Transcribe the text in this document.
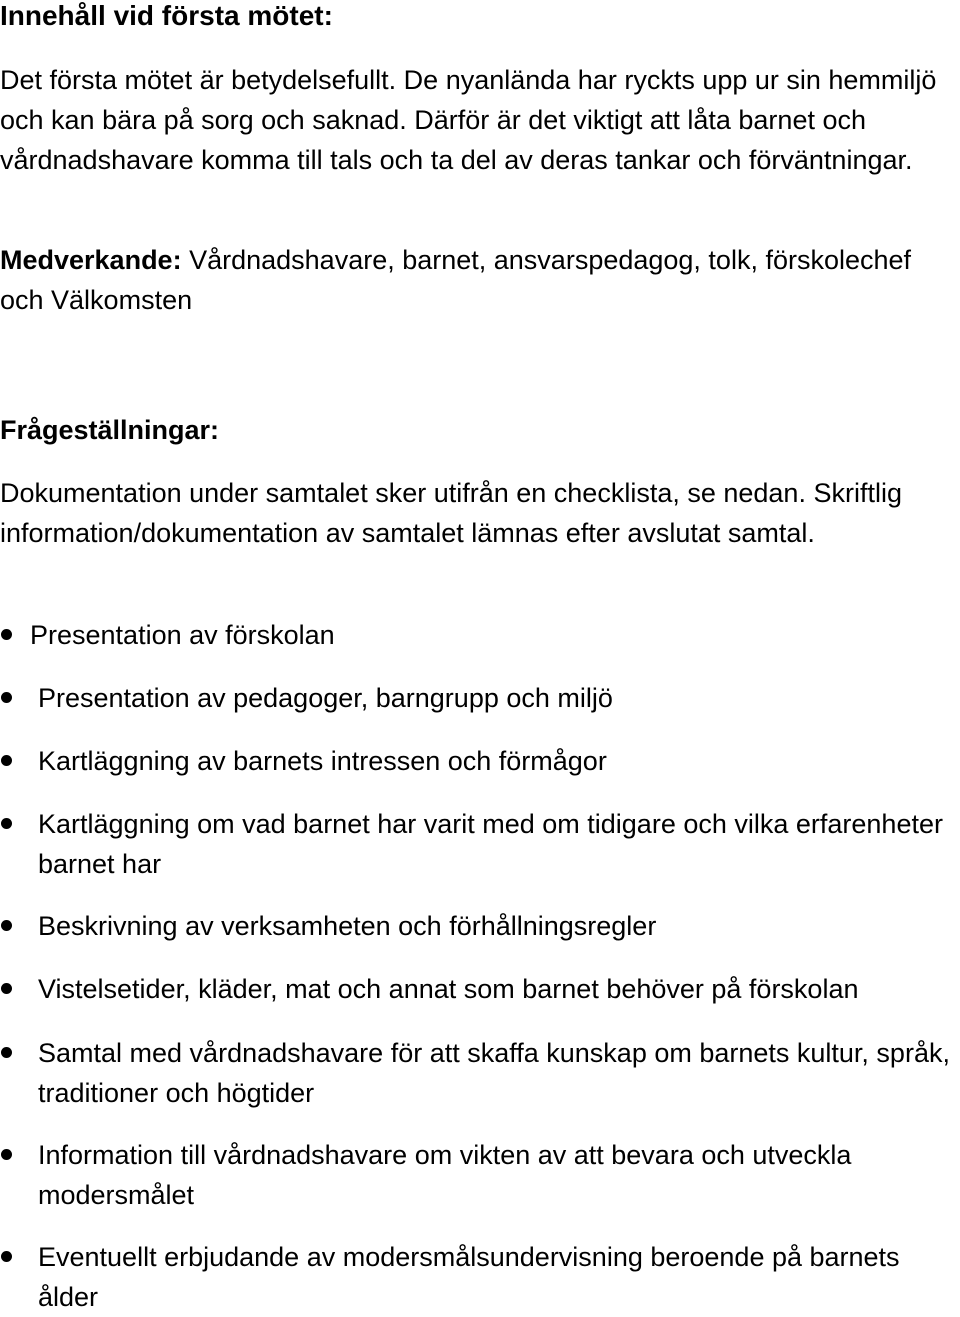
Innehåll vid första mötet:
Det första mötet är betydelsefullt. De nyanlända har ryckts upp ur sin hemmiljö och kan bära på sorg och saknad. Därför är det viktigt att låta barnet och vårdnadshavare komma till tals och ta del av deras tankar och förväntningar.
Medverkande: Vårdnadshavare, barnet, ansvarspedagog, tolk, förskolechef och Välkomsten
Frågeställningar:
Dokumentation under samtalet sker utifrån en checklista, se nedan. Skriftlig information/dokumentation av samtalet lämnas efter avslutat samtal.
Presentation av förskolan
Presentation av pedagoger, barngrupp och miljö
Kartläggning av barnets intressen och förmågor
Kartläggning om vad barnet har varit med om tidigare och vilka erfarenheter barnet har
Beskrivning av verksamheten och förhållningsregler
Vistelsetider, kläder, mat och annat som barnet behöver på förskolan
Samtal med vårdnadshavare för att skaffa kunskap om barnets kultur, språk, traditioner och högtider
Information till vårdnadshavare om vikten av att bevara och utveckla modersmålet
Eventuellt erbjudande av modersmålsundervisning beroende på barnets ålder
